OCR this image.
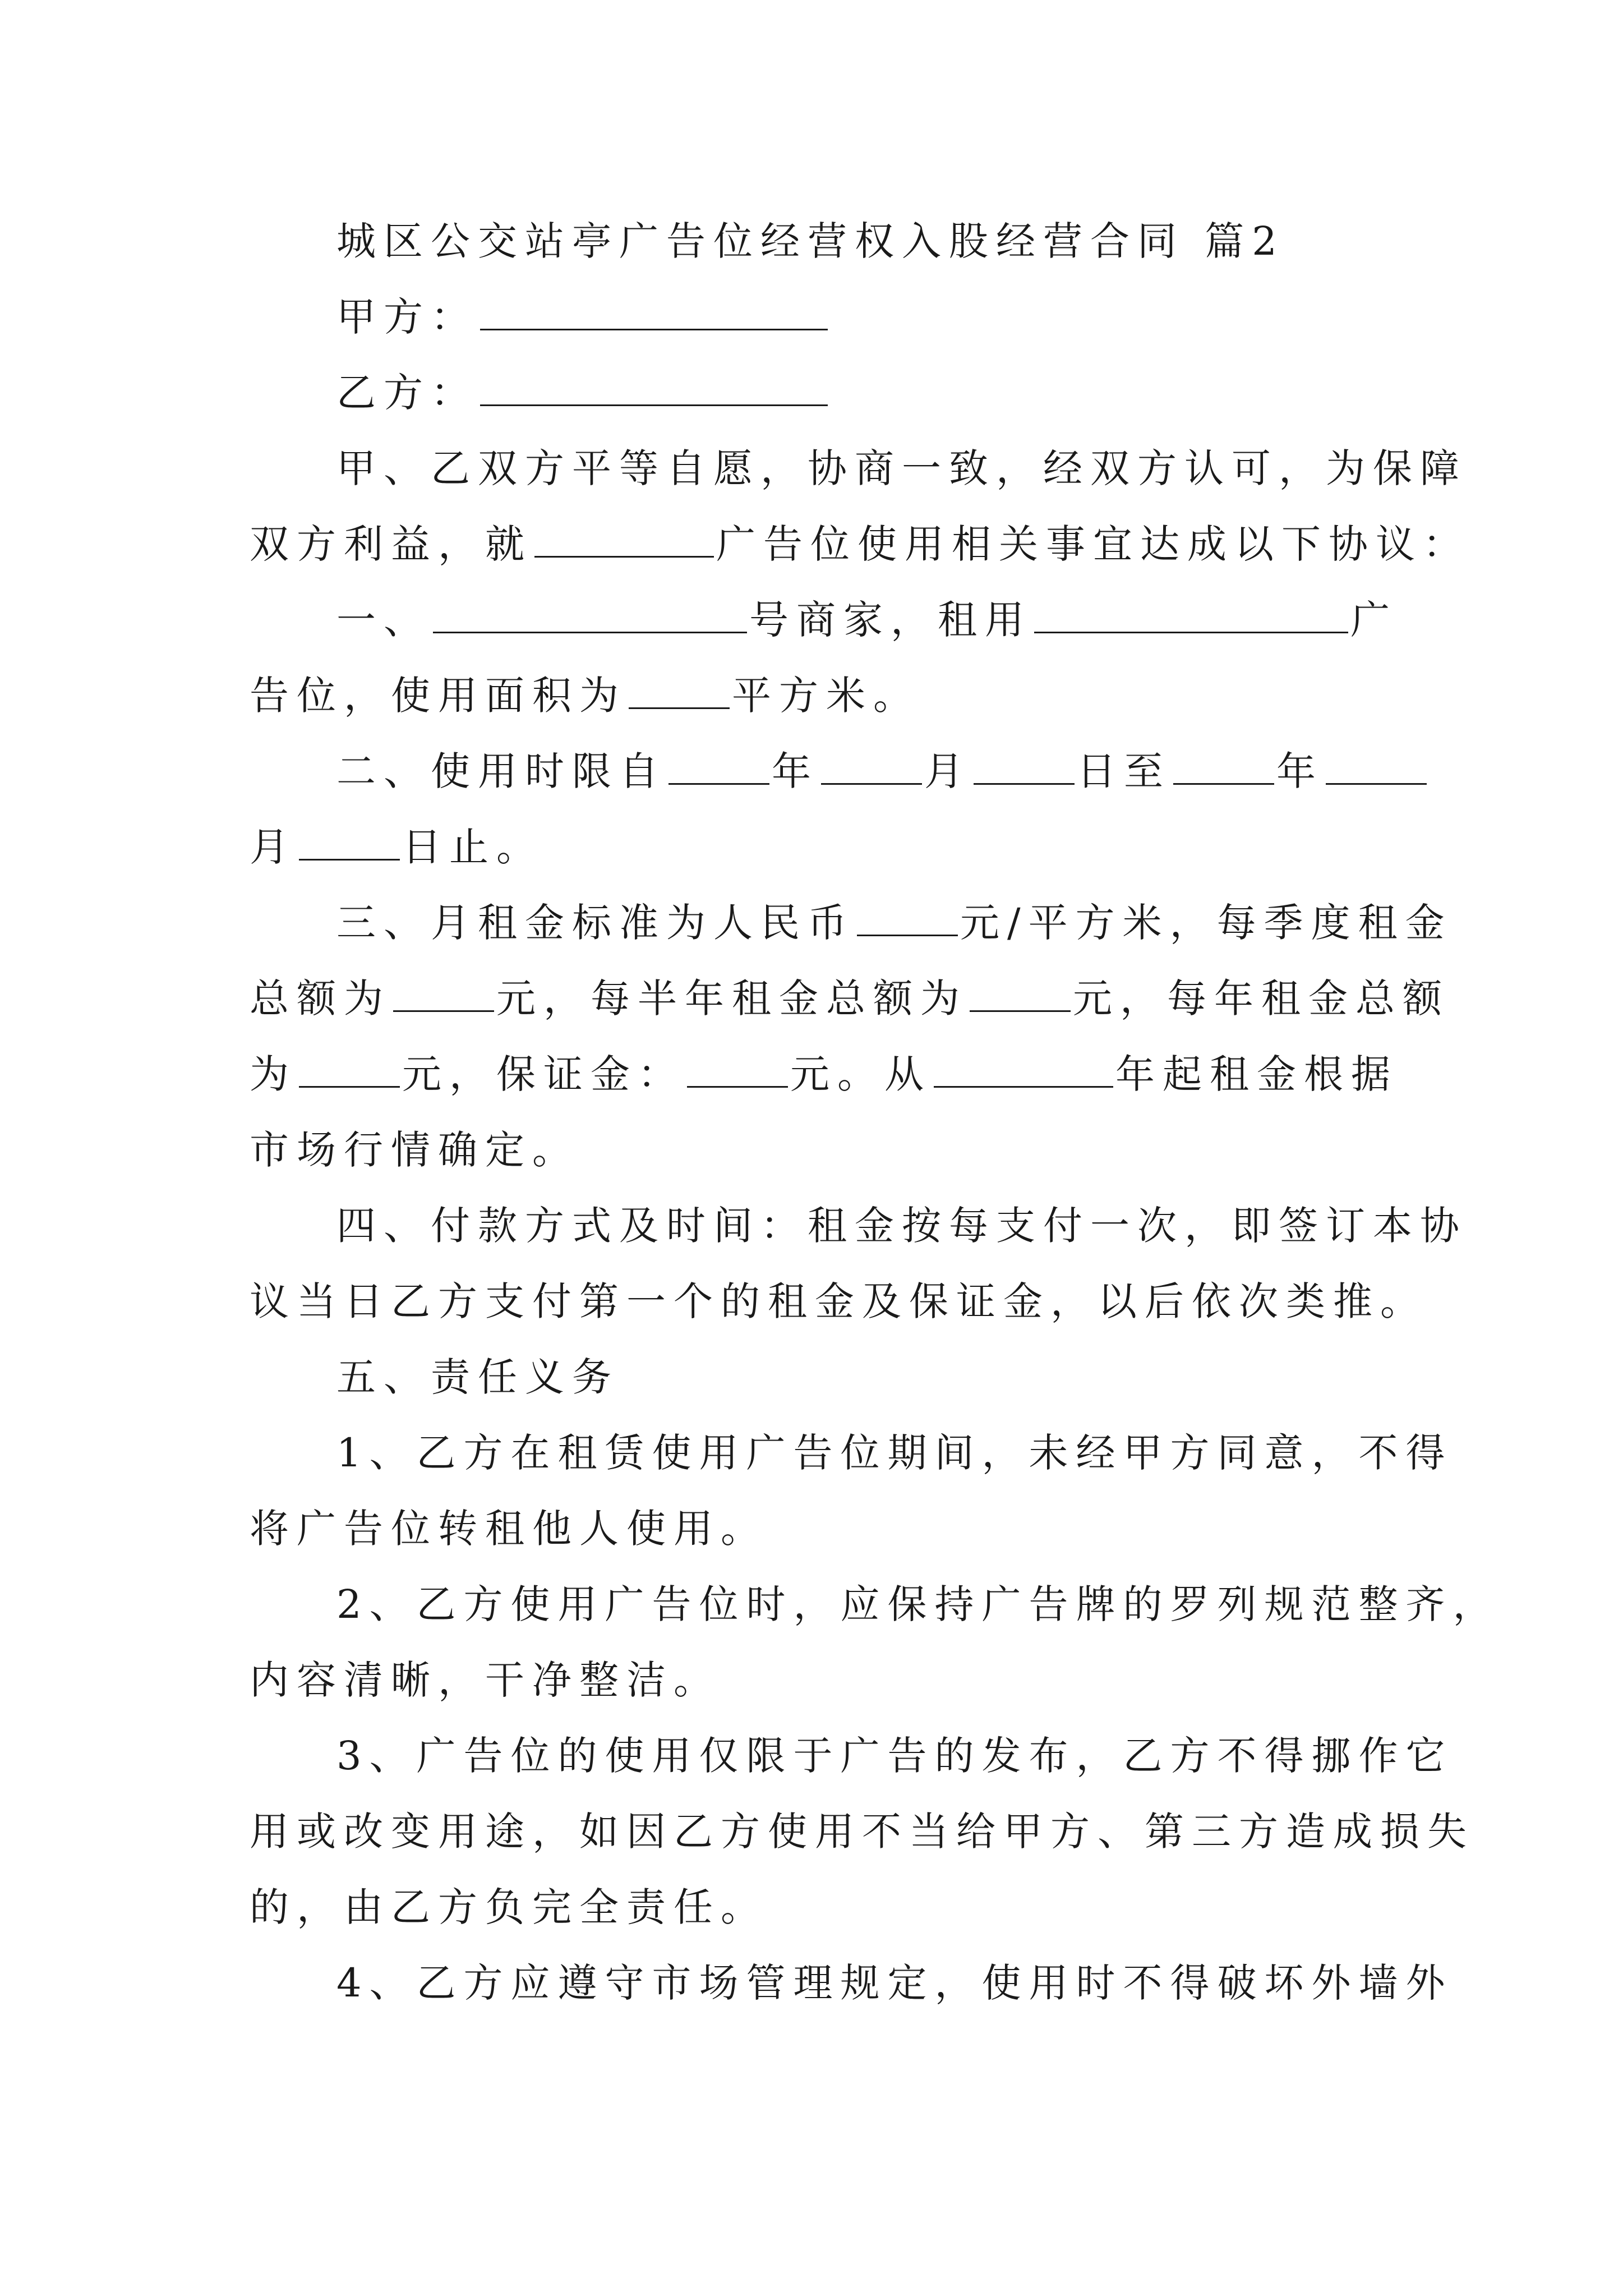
城区公交站亭广告位经营权入股经营合同 篇2
甲方：
乙方：
甲、乙双方平等自愿，协商一致，经双方认可，为保障
双方利益，就	广告位使用相关事宜达成以下协议：
一、	号商家，租用	广
告位，使用面积为	平方米。
二、使用时限自	年	月	日至	年
月	日止。
三、月租金标准为人民币	元/平方米，每季度租金
总额为	元，每半年租金总额为	元，每年租金总额
为	元，保证金：	元。从	年起租金根据
市场行情确定。
四、付款方式及时间：租金按每支付一次，即签订本协
议当日乙方支付第一个的租金及保证金，以后依次类推。
五、责任义务
1、乙方在租赁使用广告位期间，未经甲方同意，不得
将广告位转租他人使用。
2、乙方使用广告位时，应保持广告牌的罗列规范整齐，
内容清晰，干净整洁。
3、广告位的使用仅限于广告的发布，乙方不得挪作它
用或改变用途，如因乙方使用不当给甲方、第三方造成损失
的，由乙方负完全责任。
4、乙方应遵守市场管理规定，使用时不得破坏外墙外
